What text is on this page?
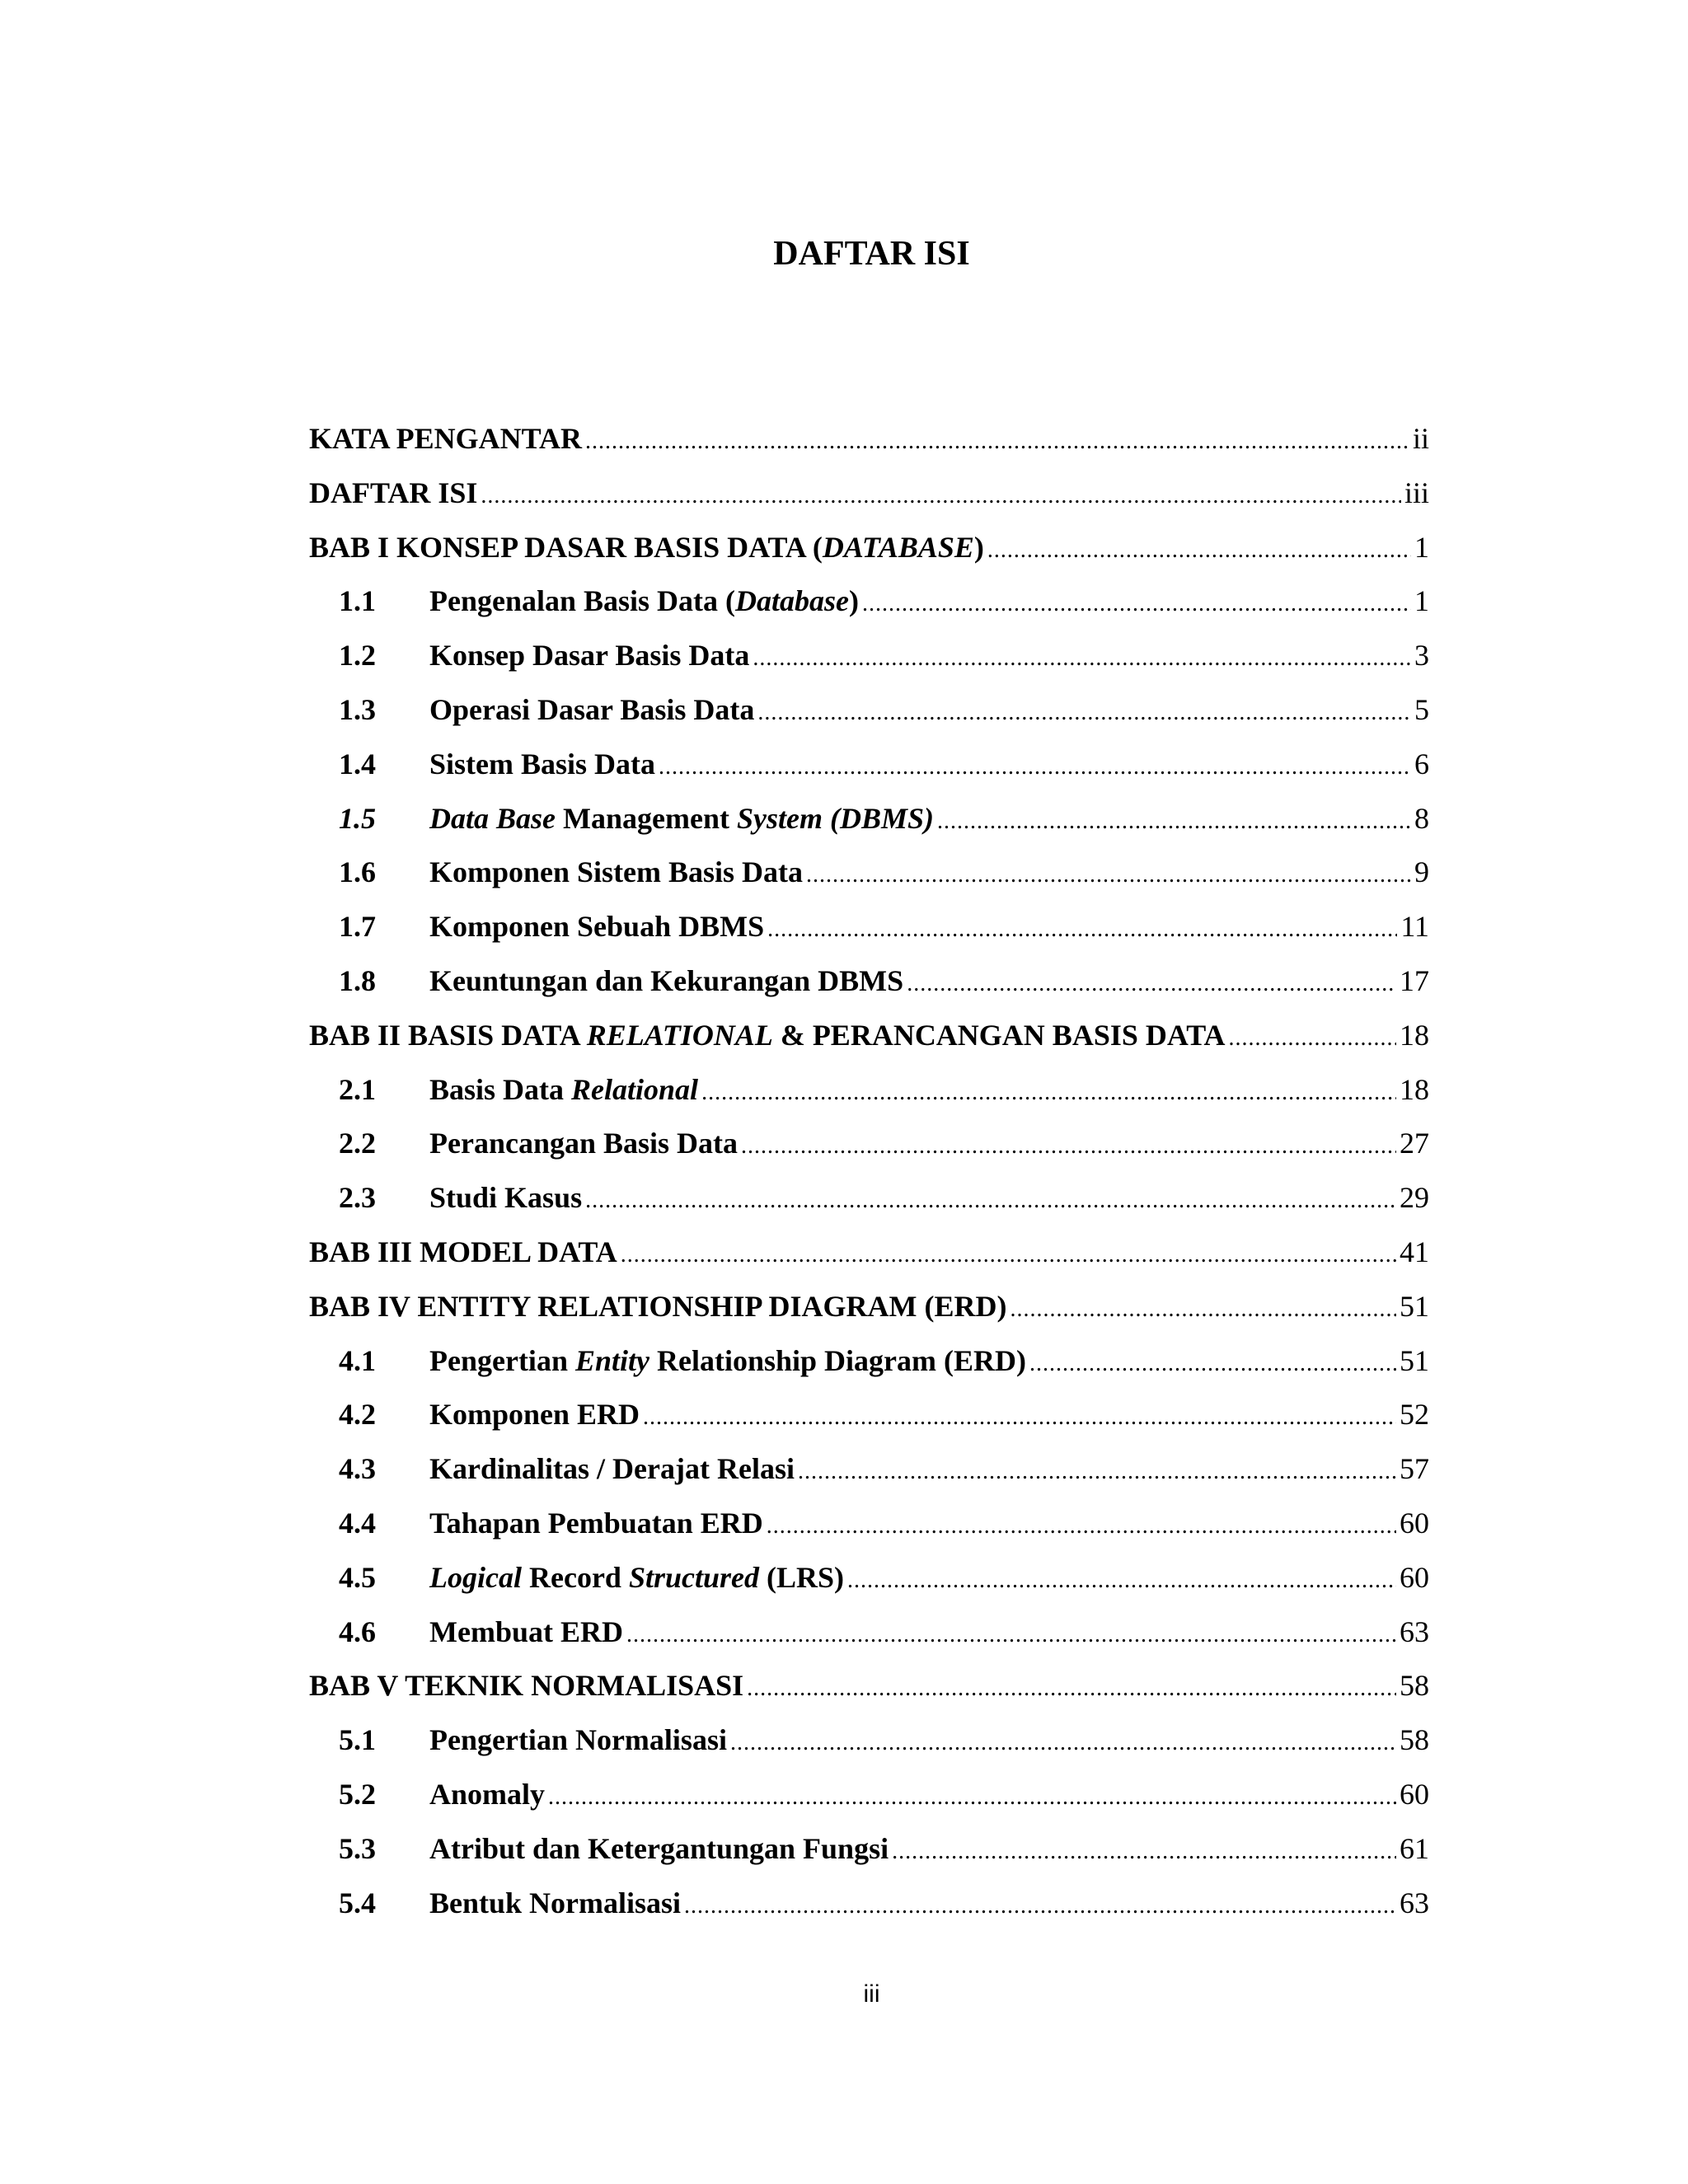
DAFTAR ISI
KATA PENGANTAR .....	ii
DAFTAR ISI .....	iii
BAB I KONSEP DASAR BASIS DATA (DATABASE) .....	1
1.1	Pengenalan Basis Data (Database) .....	1
1.2	Konsep Dasar Basis Data .....	3
1.3	Operasi Dasar Basis Data .....	5
1.4	Sistem Basis Data .....	6
1.5	Data Base Management System (DBMS) .....	8
1.6	Komponen Sistem Basis Data .....	9
1.7	Komponen Sebuah DBMS .....	11
1.8	Keuntungan dan Kekurangan DBMS .....	17
BAB II BASIS DATA RELATIONAL & PERANCANGAN BASIS DATA .....	18
2.1	Basis Data Relational .....	18
2.2	Perancangan Basis Data .....	27
2.3	Studi Kasus .....	29
BAB III MODEL DATA .....	41
BAB IV ENTITY RELATIONSHIP DIAGRAM (ERD) .....	51
4.1	Pengertian Entity Relationship Diagram (ERD) .....	51
4.2	Komponen ERD .....	52
4.3	Kardinalitas / Derajat Relasi .....	57
4.4	Tahapan Pembuatan ERD .....	60
4.5	Logical Record Structured (LRS) .....	60
4.6	Membuat ERD .....	63
BAB V TEKNIK NORMALISASI .....	58
5.1	Pengertian Normalisasi .....	58
5.2	Anomaly .....	60
5.3	Atribut dan Ketergantungan Fungsi .....	61
5.4	Bentuk Normalisasi .....	63
iii
